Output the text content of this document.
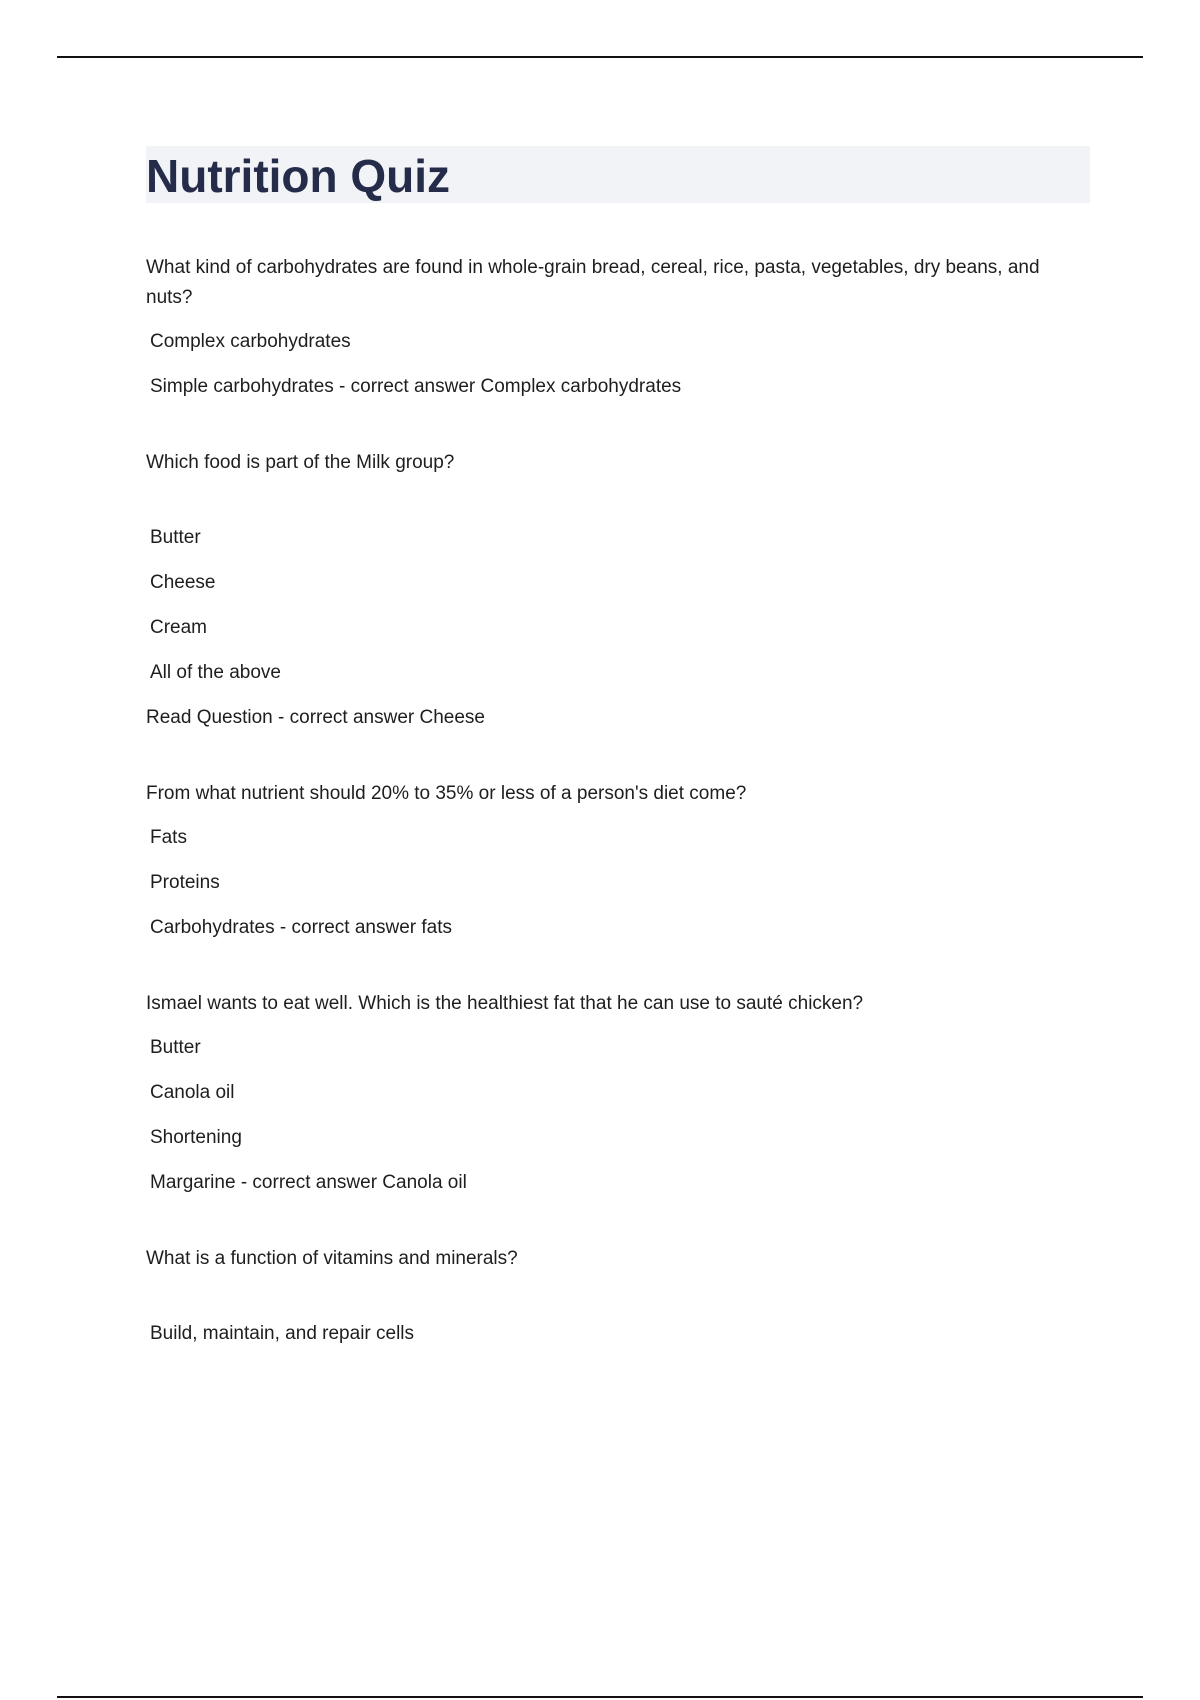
Nutrition Quiz

What kind of carbohydrates are found in whole-grain bread, cereal, rice, pasta, vegetables, dry beans, and nuts?

Complex carbohydrates

Simple carbohydrates - correct answer Complex carbohydrates

Which food is part of the Milk group?

Butter

Cheese

Cream

All of the above

Read Question - correct answer Cheese

From what nutrient should 20% to 35% or less of a person's diet come?

Fats

Proteins

Carbohydrates - correct answer fats

Ismael wants to eat well. Which is the healthiest fat that he can use to sauté chicken?

Butter

Canola oil

Shortening

Margarine - correct answer Canola oil

What is a function of vitamins and minerals?

Build, maintain, and repair cells
